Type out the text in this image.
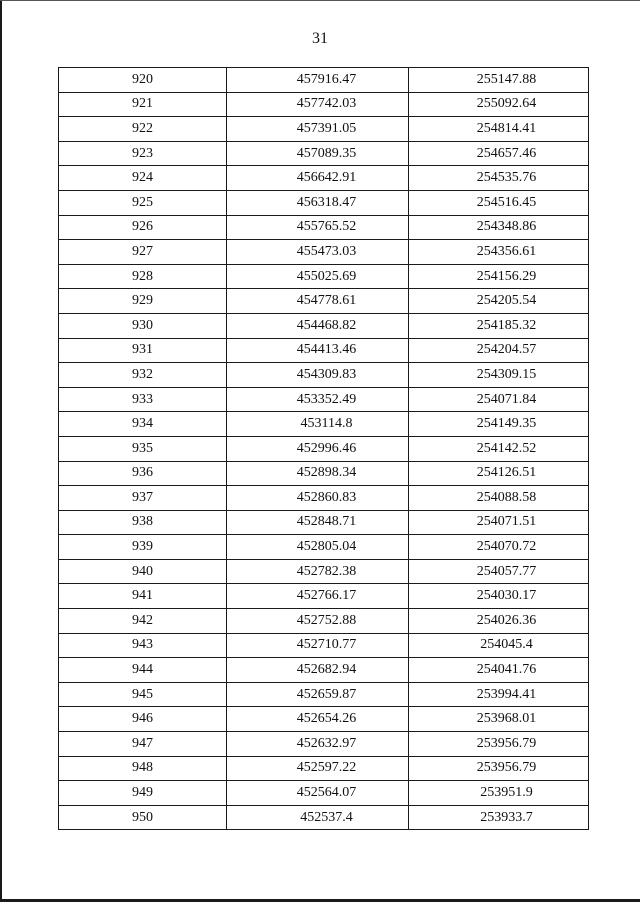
31
920	457916.47	255147.88
921	457742.03	255092.64
922	457391.05	254814.41
923	457089.35	254657.46
924	456642.91	254535.76
925	456318.47	254516.45
926	455765.52	254348.86
927	455473.03	254356.61
928	455025.69	254156.29
929	454778.61	254205.54
930	454468.82	254185.32
931	454413.46	254204.57
932	454309.83	254309.15
933	453352.49	254071.84
934	453114.8	254149.35
935	452996.46	254142.52
936	452898.34	254126.51
937	452860.83	254088.58
938	452848.71	254071.51
939	452805.04	254070.72
940	452782.38	254057.77
941	452766.17	254030.17
942	452752.88	254026.36
943	452710.77	254045.4
944	452682.94	254041.76
945	452659.87	253994.41
946	452654.26	253968.01
947	452632.97	253956.79
948	452597.22	253956.79
949	452564.07	253951.9
950	452537.4	253933.7
